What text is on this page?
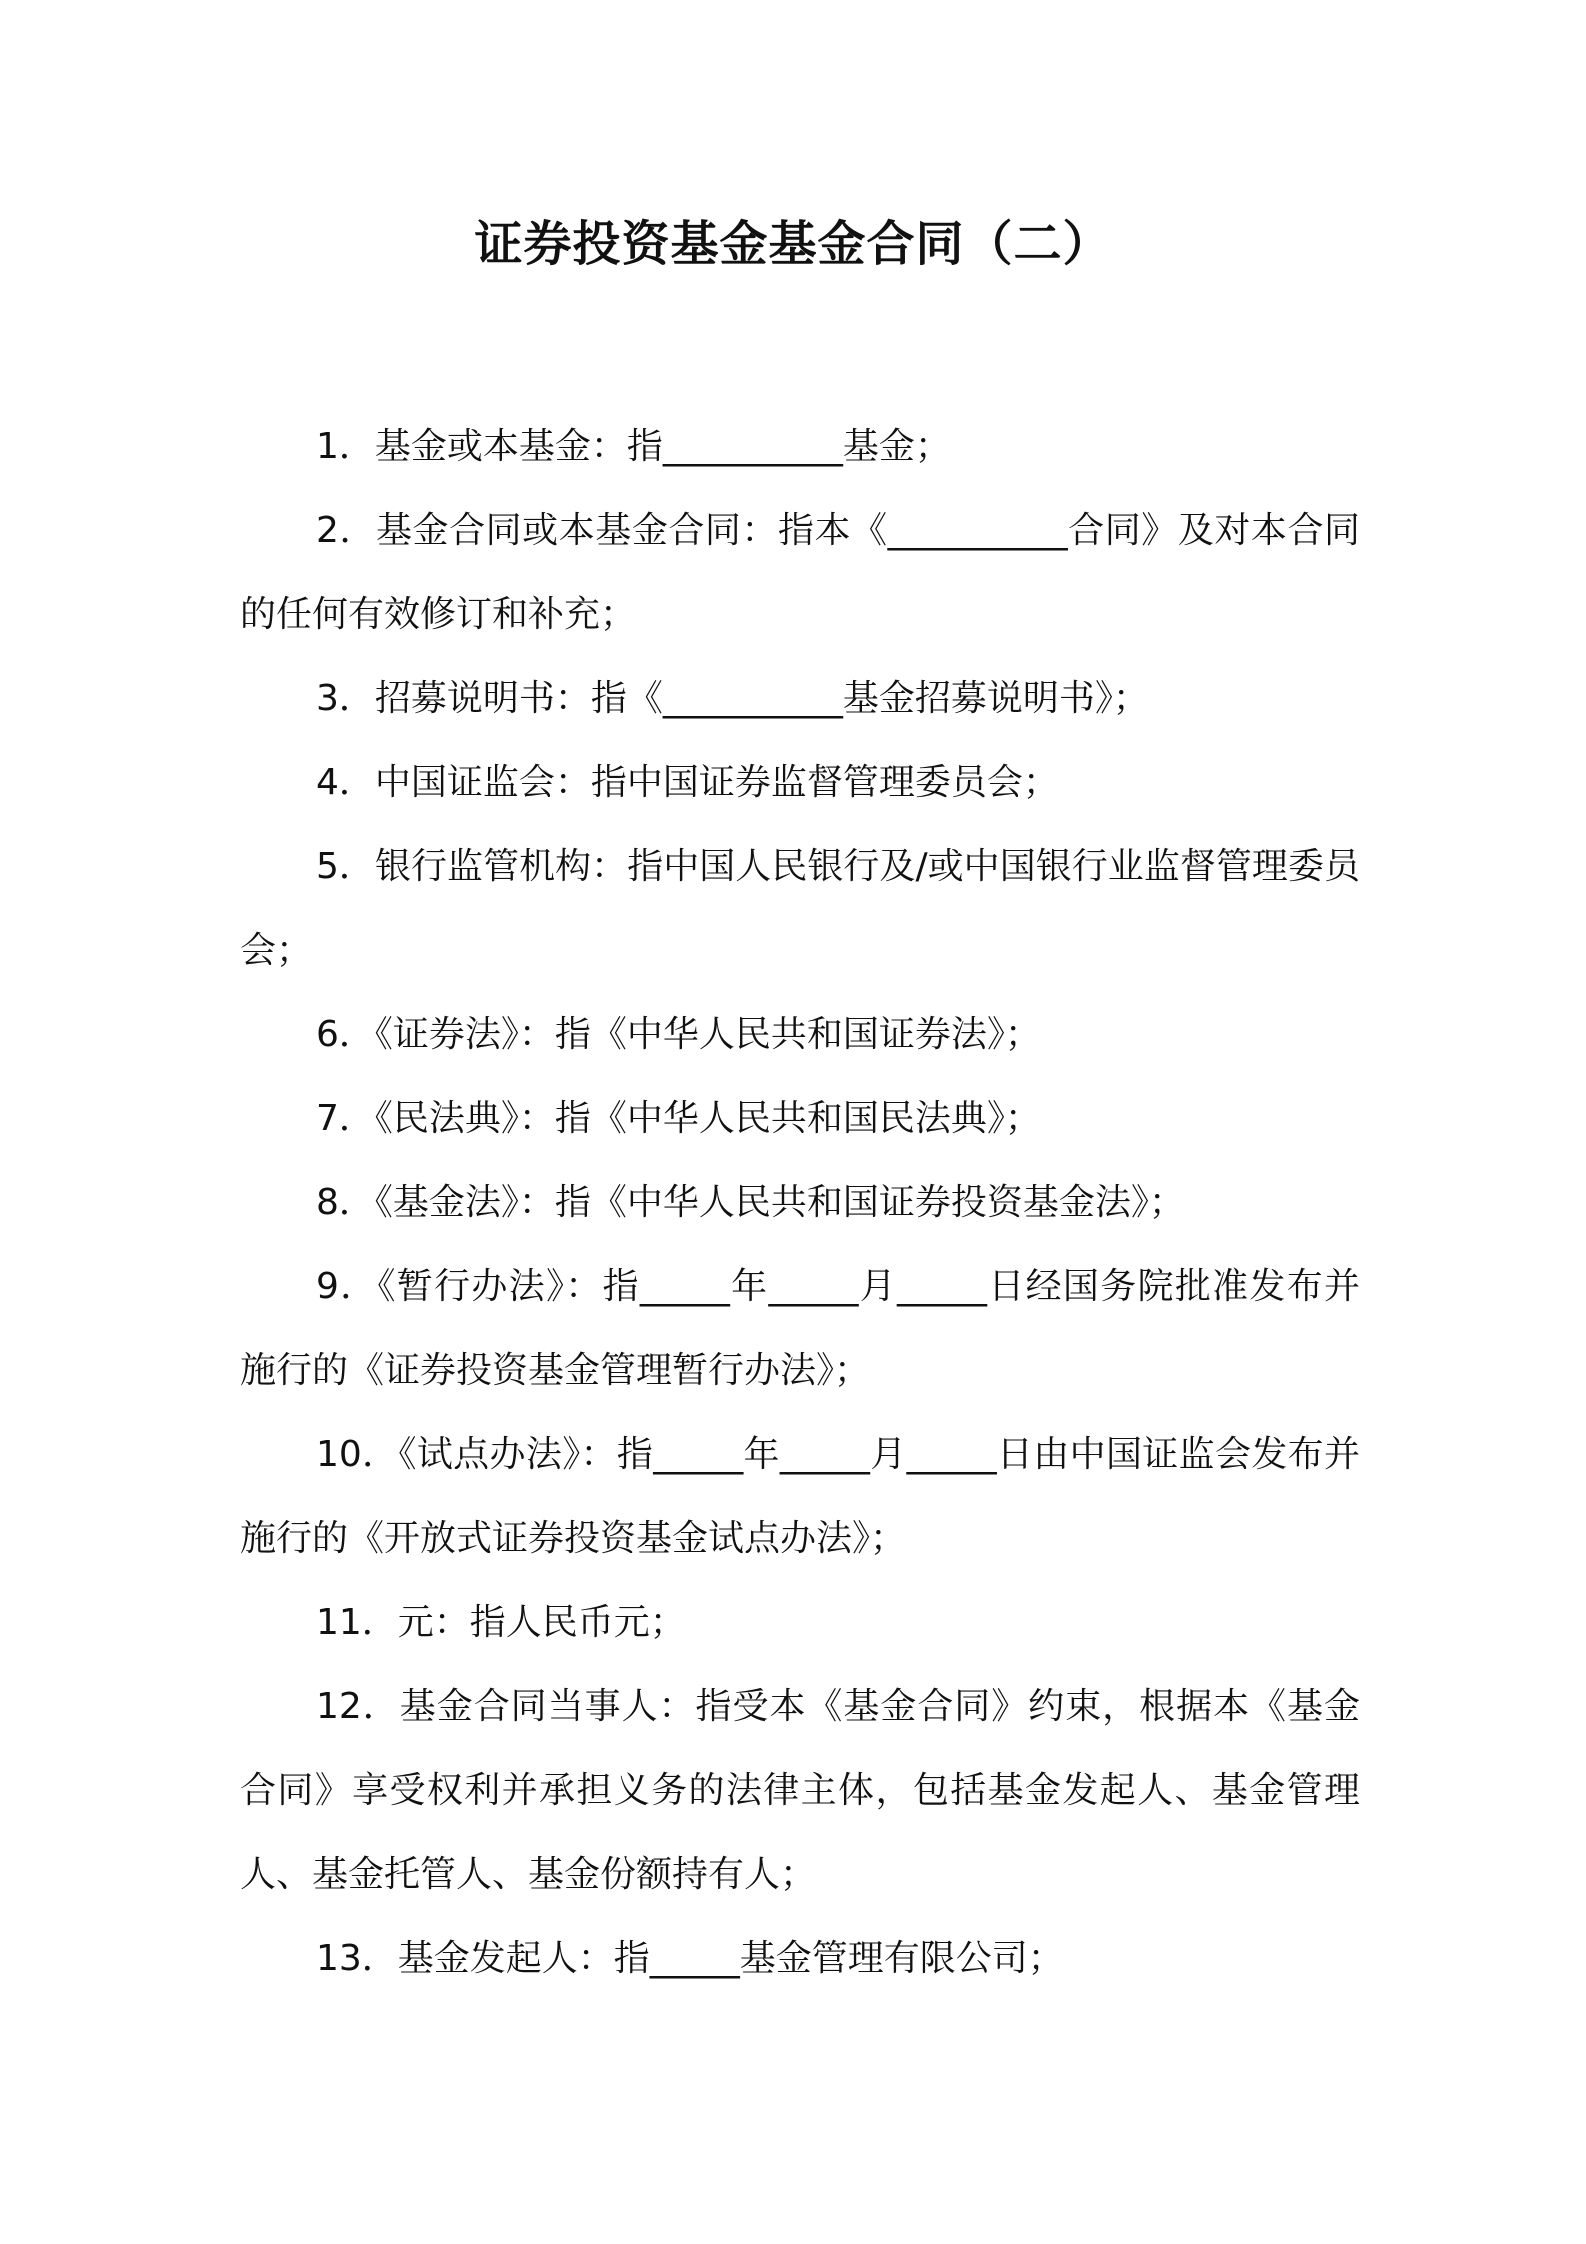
证券投资基金基金合同（二）

1．基金或本基金：指__________基金；

2．基金合同或本基金合同：指本《__________合同》及对本合同的任何有效修订和补充；

3．招募说明书：指《__________基金招募说明书》；

4．中国证监会：指中国证券监督管理委员会；

5．银行监管机构：指中国人民银行及/或中国银行业监督管理委员会；

6．《证券法》：指《中华人民共和国证券法》；

7．《民法典》：指《中华人民共和国民法典》；

8．《基金法》：指《中华人民共和国证券投资基金法》；

9．《暂行办法》：指_____年_____月_____日经国务院批准发布并施行的《证券投资基金管理暂行办法》；

10．《试点办法》：指_____年_____月_____日由中国证监会发布并施行的《开放式证券投资基金试点办法》；

11．元：指人民币元；

12．基金合同当事人：指受本《基金合同》约束，根据本《基金合同》享受权利并承担义务的法律主体，包括基金发起人、基金管理人、基金托管人、基金份额持有人；

13．基金发起人：指_____基金管理有限公司；
